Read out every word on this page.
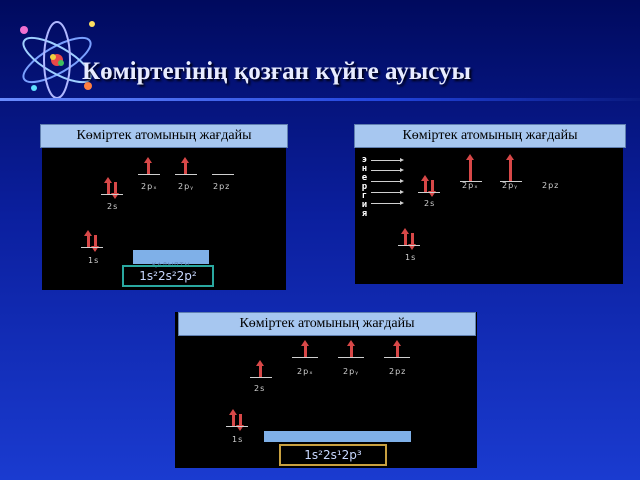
Көміртегінің қозған күйге ауысуы
Көміртек атомының жағдайы
2pₓ	2pᵧ 2pz
2s
1s
ҚАЛЫПТЫ
1s²2s²2p²
Көміртек атомының жағдайы
энергия	2pₓ	2pᵧ	2pz
2s
1s
Көміртек атомының жағдайы
2pₓ	2pᵧ	2pz
2s
1s
1s²2s¹2p³
